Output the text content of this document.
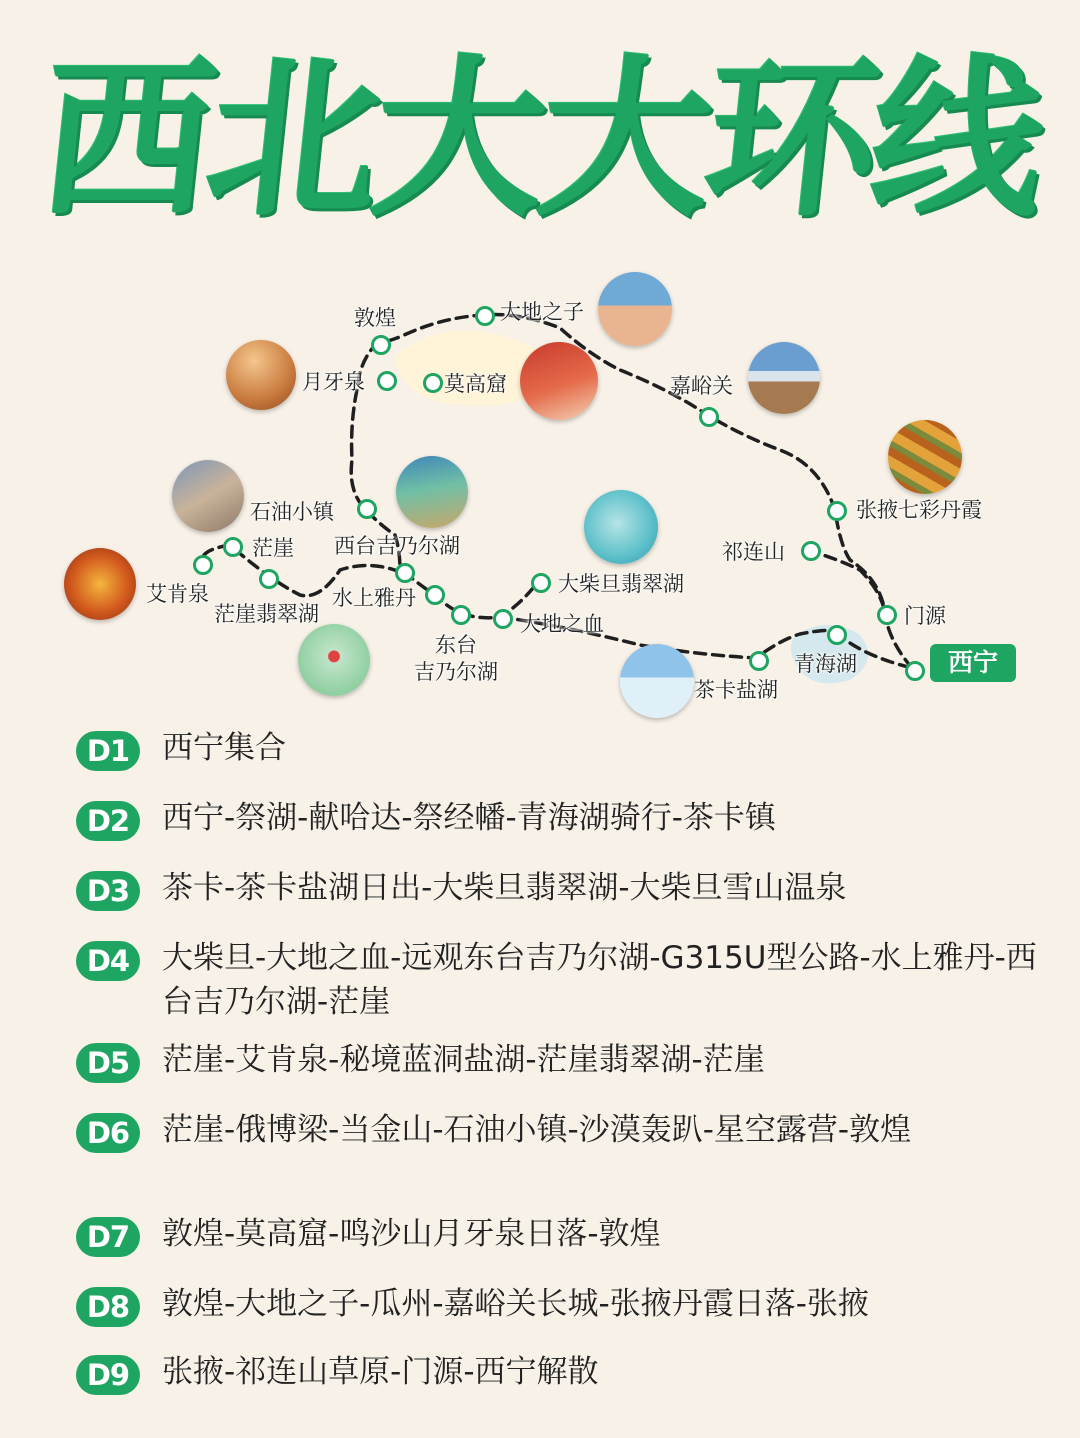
西北大大环线
敦煌	大地之子
月牙泉	莫高窟	嘉峪关
张掖七彩丹霞
祁连山
门源
西宁
青海湖
茶卡盐湖
大柴旦翡翠湖
大地之血
东台
吉乃尔湖
水上雅丹
西台吉乃尔湖
石油小镇
茫崖
艾肯泉
茫崖翡翠湖
D1	西宁集合
D2	西宁-祭湖-献哈达-祭经幡-青海湖骑行-茶卡镇
D3	茶卡-茶卡盐湖日出-大柴旦翡翠湖-大柴旦雪山温泉
D4	大柴旦-大地之血-远观东台吉乃尔湖-G315U型公路-水上雅丹-西台吉乃尔湖-茫崖
D5	茫崖-艾肯泉-秘境蓝洞盐湖-茫崖翡翠湖-茫崖
D6	茫崖-俄博梁-当金山-石油小镇-沙漠轰趴-星空露营-敦煌
D7	敦煌-莫高窟-鸣沙山月牙泉日落-敦煌
D8	敦煌-大地之子-瓜州-嘉峪关长城-张掖丹霞日落-张掖
D9	张掖-祁连山草原-门源-西宁解散
